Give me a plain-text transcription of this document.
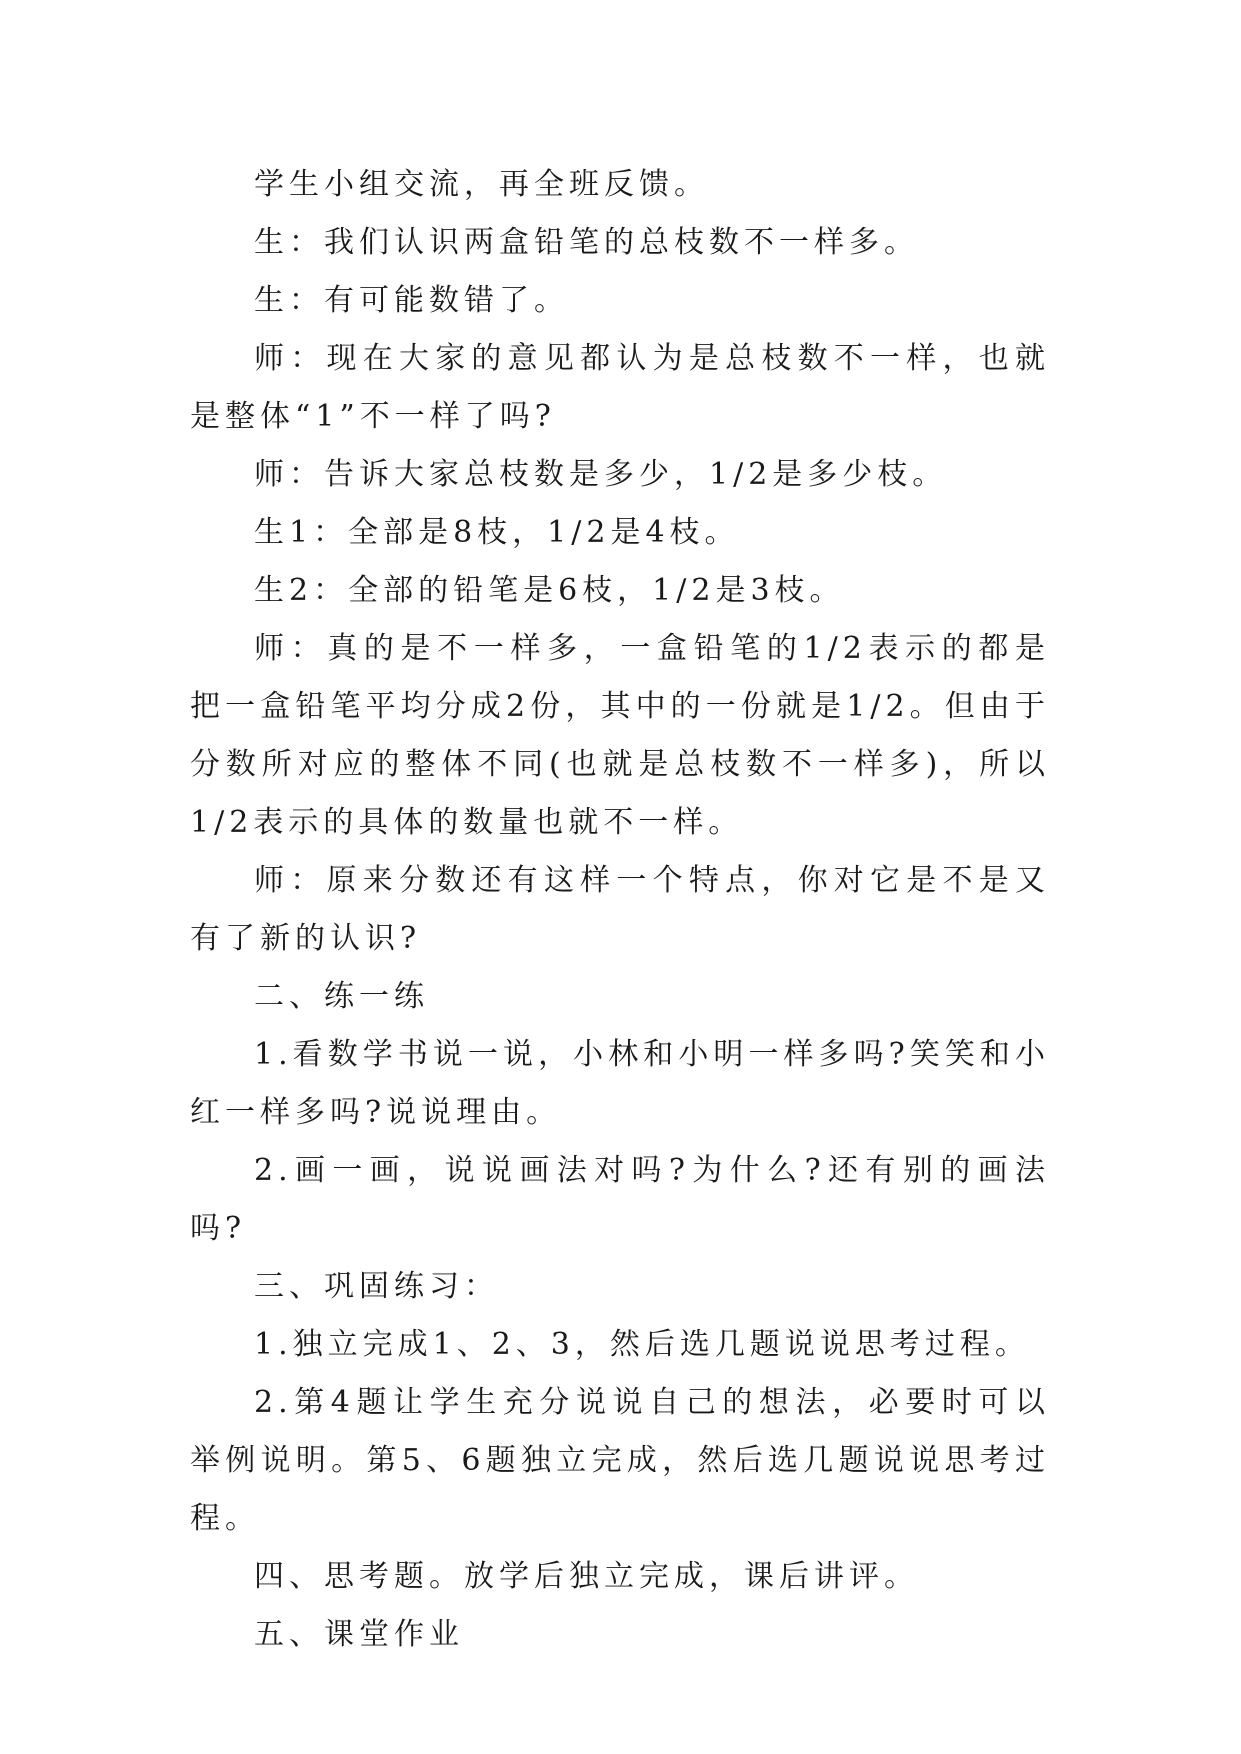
学生小组交流，再全班反馈。

生：我们认识两盒铅笔的总枝数不一样多。

生：有可能数错了。

师：现在大家的意见都认为是总枝数不一样，也就是整体“1”不一样了吗?

师：告诉大家总枝数是多少，1/2是多少枝。

生1：全部是8枝，1/2是4枝。

生2：全部的铅笔是6枝，1/2是3枝。

师：真的是不一样多，一盒铅笔的1/2表示的都是把一盒铅笔平均分成2份，其中的一份就是1/2。但由于分数所对应的整体不同(也就是总枝数不一样多)，所以1/2表示的具体的数量也就不一样。

师：原来分数还有这样一个特点，你对它是不是又有了新的认识?

二、练一练

1.看数学书说一说，小林和小明一样多吗?笑笑和小红一样多吗?说说理由。

2.画一画，说说画法对吗?为什么?还有别的画法吗?

三、巩固练习：

1.独立完成1、2、3，然后选几题说说思考过程。

2.第4题让学生充分说说自己的想法，必要时可以举例说明。第5、6题独立完成，然后选几题说说思考过程。

四、思考题。放学后独立完成，课后讲评。

五、课堂作业
